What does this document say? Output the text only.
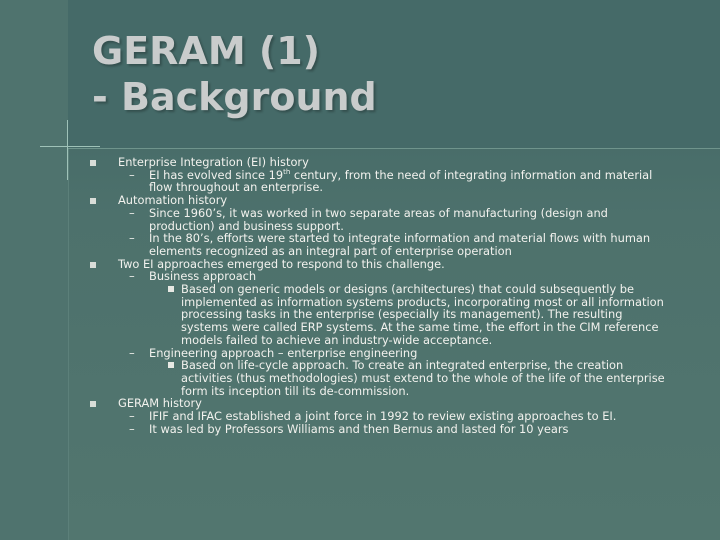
GERAM (1)
- Background
Enterprise Integration (EI) history
– EI has evolved since 19th century, from the need of integrating information and material flow throughout an enterprise.
Automation history
– Since 1960’s, it was worked in two separate areas of manufacturing (design and production) and business support.
– In the 80’s, efforts were started to integrate information and material flows with human elements recognized as an integral part of enterprise operation
Two EI approaches emerged to respond to this challenge.
– Business approach
Based on generic models or designs (architectures) that could subsequently be implemented as information systems products, incorporating most or all information processing tasks in the enterprise (especially its management). The resulting systems were called ERP systems. At the same time, the effort in the CIM reference models failed to achieve an industry-wide acceptance.
– Engineering approach – enterprise engineering
Based on life-cycle approach. To create an integrated enterprise, the creation activities (thus methodologies) must extend to the whole of the life of the enterprise form its inception till its de-commission.
GERAM history
– IFIF and IFAC established a joint force in 1992 to review existing approaches to EI.
– It was led by Professors Williams and then Bernus and lasted for 10 years
